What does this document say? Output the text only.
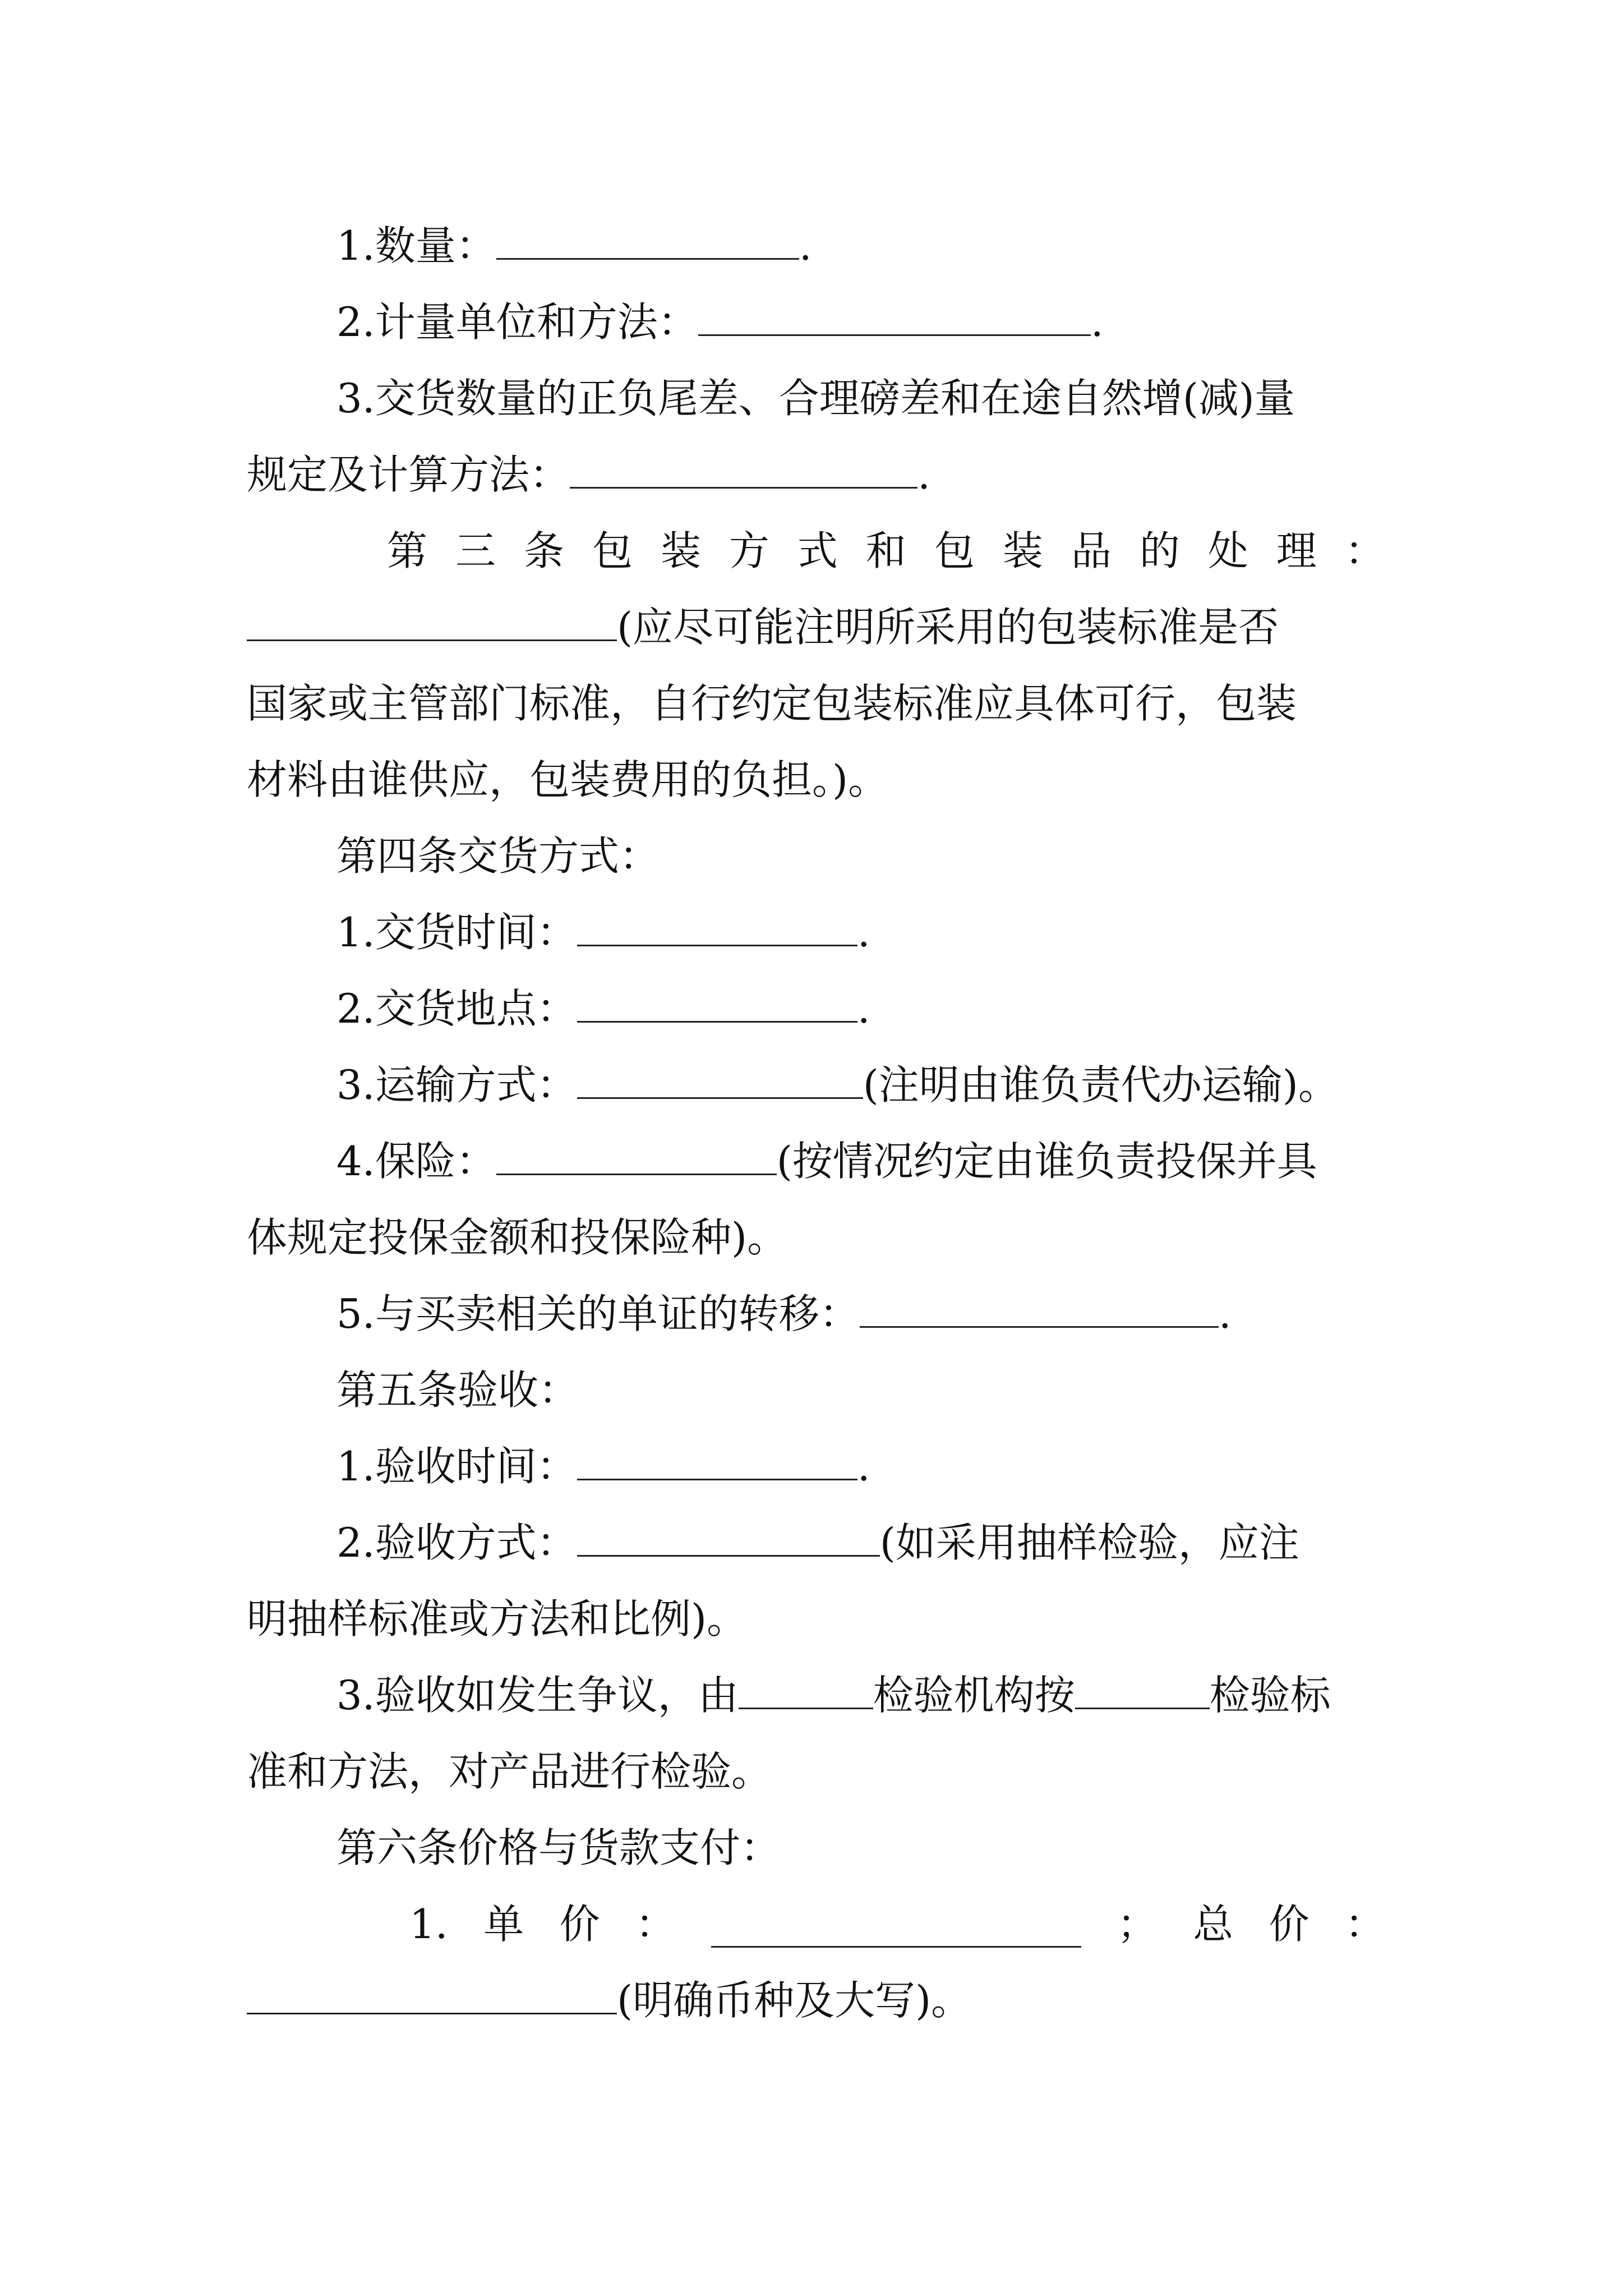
1.数量：	.
2.计量单位和方法：	.
3.交货数量的正负尾差、合理磅差和在途自然增(减)量
规定及计算方法：	.
第 三 条 包 装 方 式 和 包 装 品 的 处 理 ：
(应尽可能注明所采用的包装标准是否
国家或主管部门标准，自行约定包装标准应具体可行，包装
材料由谁供应，包装费用的负担。)。
第四条交货方式：
1.交货时间：	.
2.交货地点：	.
3.运输方式：	(注明由谁负责代办运输)。
4.保险：	(按情况约定由谁负责投保并具
体规定投保金额和投保险种)。
5.与买卖相关的单证的转移：	.
第五条验收：
1.验收时间：	.
2.验收方式：	(如采用抽样检验，应注
明抽样标准或方法和比例)。
3.验收如发生争议，由	检验机构按	检验标
准和方法，对产品进行检验。
第六条价格与货款支付：
1. 单 价 ：	； 总 价 ：
(明确币种及大写)。
